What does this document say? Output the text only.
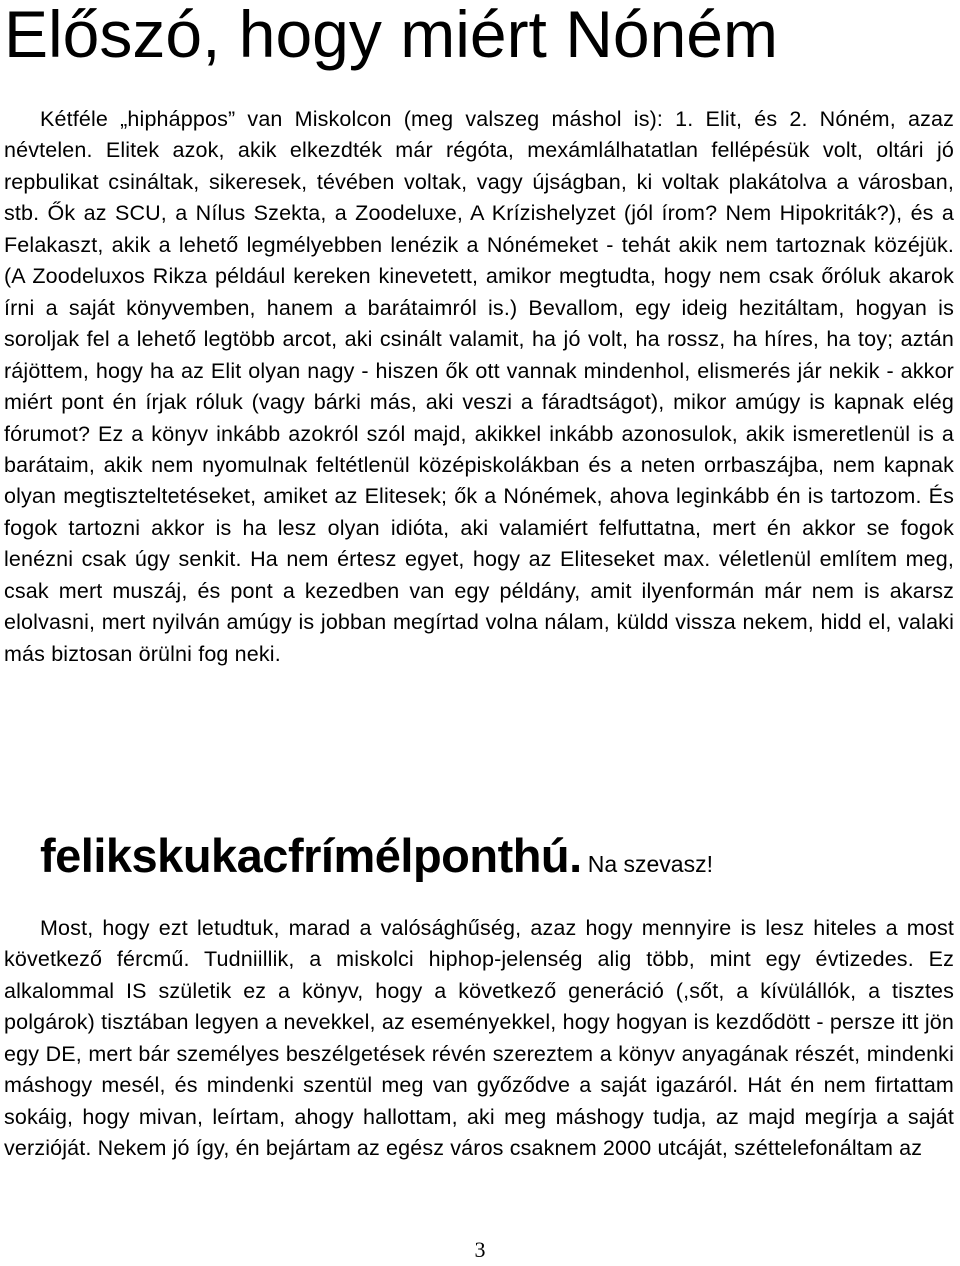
Előszó, hogy miért Nóném

Kétféle „hipháppos” van Miskolcon (meg valszeg máshol is): 1. Elit, és 2. Nóném, azaz névtelen. Elitek azok, akik elkezdték már régóta, mexámlálhatatlan fellépésük volt, oltári jó repbulikat csináltak, sikeresek, tévében voltak, vagy újságban, ki voltak plakátolva a városban, stb. Ők az SCU, a Nílus Szekta, a Zoodeluxe, A Krízishelyzet (jól írom? Nem Hipokriták?), és a Felakaszt, akik a lehető legmélyebben lenézik a Nónémeket - tehát akik nem tartoznak közéjük. (A Zoodeluxos Rikza például kereken kinevetett, amikor megtudta, hogy nem csak őróluk akarok írni a saját könyvemben, hanem a barátaimról is.) Bevallom, egy ideig hezitáltam, hogyan is soroljak fel a lehető legtöbb arcot, aki csinált valamit, ha jó volt, ha rossz, ha híres, ha toy; aztán rájöttem, hogy ha az Elit olyan nagy - hiszen ők ott vannak mindenhol, elismerés jár nekik - akkor miért pont én írjak róluk (vagy bárki más, aki veszi a fáradtságot), mikor amúgy is kapnak elég fórumot? Ez a könyv inkább azokról szól majd, akikkel inkább azonosulok, akik ismeretlenül is a barátaim, akik nem nyomulnak feltétlenül középiskolákban és a neten orrbaszájba, nem kapnak olyan megtiszteltetéseket, amiket az Elitesek; ők a Nónémek, ahova leginkább én is tartozom. És fogok tartozni akkor is ha lesz olyan idióta, aki valamiért felfuttatna, mert én akkor se fogok lenézni csak úgy senkit. Ha nem értesz egyet, hogy az Eliteseket max. véletlenül említem meg, csak mert muszáj, és pont a kezedben van egy példány, amit ilyenformán már nem is akarsz elolvasni, mert nyilván amúgy is jobban megírtad volna nálam, küldd vissza nekem, hidd el, valaki más biztosan örülni fog neki.

felikskukacfrímélponthú. Na szevasz!

Most, hogy ezt letudtuk, marad a valósághűség, azaz hogy mennyire is lesz hiteles a most következő fércmű. Tudniillik, a miskolci hiphop-jelenség alig több, mint egy évtizedes. Ez alkalommal IS születik ez a könyv, hogy a következő generáció (,sőt, a kívülállók, a tisztes polgárok) tisztában legyen a nevekkel, az eseményekkel, hogy hogyan is kezdődött - persze itt jön egy DE, mert bár személyes beszélgetések révén szereztem a könyv anyagának részét, mindenki máshogy mesél, és mindenki szentül meg van győződve a saját igazáról. Hát én nem firtattam sokáig, hogy mivan, leírtam, ahogy hallottam, aki meg máshogy tudja, az majd megírja a saját verzióját. Nekem jó így, én bejártam az egész város csaknem 2000 utcáját, széttelefonáltam az

3
